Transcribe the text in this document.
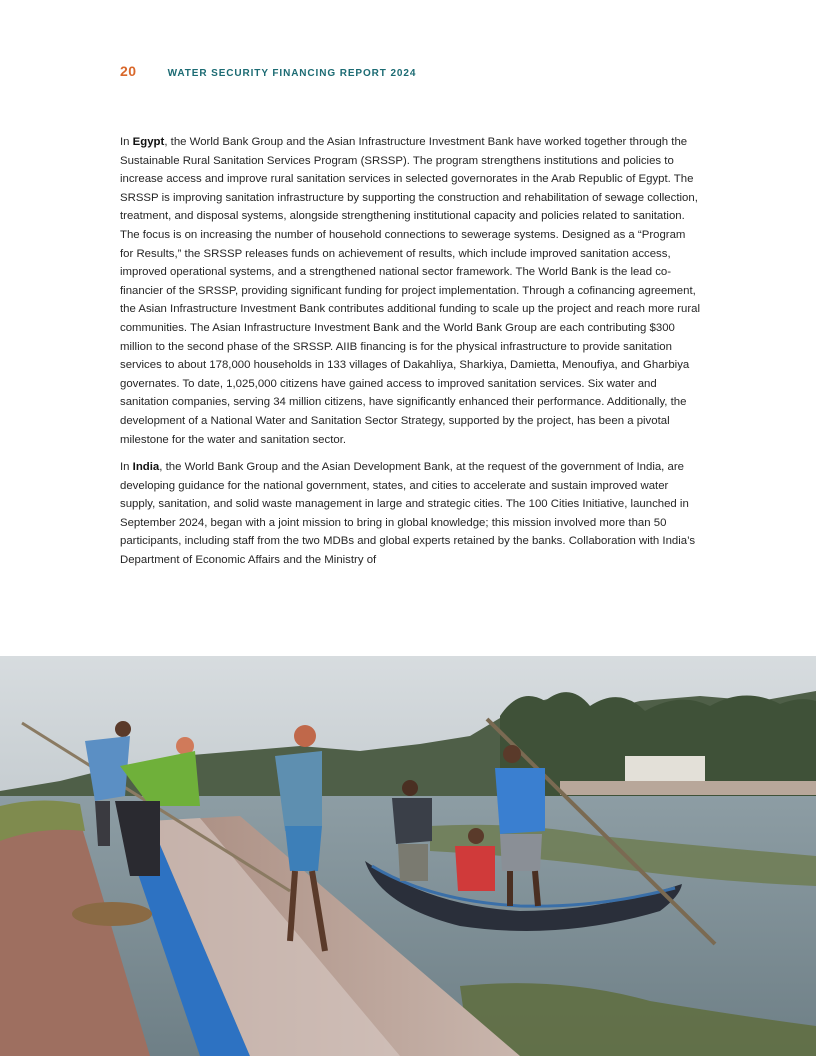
20	WATER SECURITY FINANCING REPORT 2024

In Egypt, the World Bank Group and the Asian Infrastructure Investment Bank have worked together through the Sustainable Rural Sanitation Services Program (SRSSP). The program strengthens institutions and policies to increase access and improve rural sanitation services in selected governorates in the Arab Republic of Egypt. The SRSSP is improving sanitation infrastructure by supporting the construction and rehabilitation of sewage collection, treatment, and disposal systems, alongside strengthening institutional capacity and policies related to sanitation. The focus is on increasing the number of household connections to sewerage systems. Designed as a “Program for Results,” the SRSSP releases funds on achievement of results, which include improved sanitation access, improved operational systems, and a strengthened national sector framework. The World Bank is the lead co-financier of the SRSSP, providing significant funding for project implementation. Through a cofinancing agreement, the Asian Infrastructure Investment Bank contributes additional funding to scale up the project and reach more rural communities. The Asian Infrastructure Investment Bank and the World Bank Group are each contributing $300 million to the second phase of the SRSSP. AIIB financing is for the physical infrastructure to provide sanitation services to about 178,000 households in 133 villages of Dakahliya, Sharkiya, Damietta, Menoufiya, and Gharbiya governates. To date, 1,025,000 citizens have gained access to improved sanitation services. Six water and sanitation companies, serving 34 million citizens, have significantly enhanced their performance. Additionally, the development of a National Water and Sanitation Sector Strategy, supported by the project, has been a pivotal milestone for the water and sanitation sector.

In India, the World Bank Group and the Asian Development Bank, at the request of the government of India, are developing guidance for the national government, states, and cities to accelerate and sustain improved water supply, sanitation, and solid waste management in large and strategic cities. The 100 Cities Initiative, launched in September 2024, began with a joint mission to bring in global knowledge; this mission involved more than 50 participants, including staff from the two MDBs and global experts retained by the banks. Collaboration with India’s Department of Economic Affairs and the Ministry of
